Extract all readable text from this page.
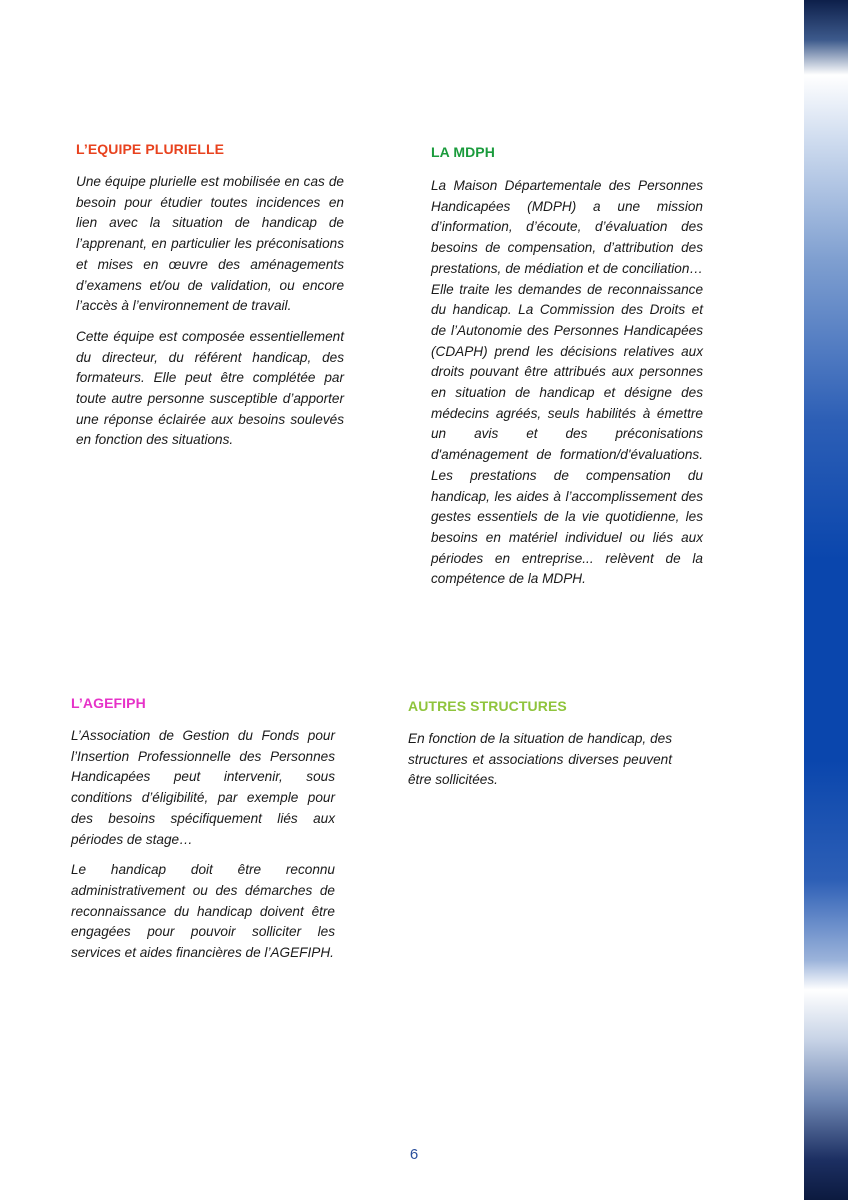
L’EQUIPE PLURIELLE

Une équipe plurielle est mobilisée en cas de besoin pour étudier toutes incidences en lien avec la situation de handicap de l’apprenant, en particulier les préconisations et mises en œuvre des aménagements d’examens et/ou de validation, ou encore l’accès à l’environnement de travail.

Cette équipe est composée essentiellement du directeur, du référent handicap, des formateurs. Elle peut être complétée par toute autre personne susceptible d’apporter une réponse éclairée aux besoins soulevés en fonction des situations.

LA MDPH

La Maison Départementale des Personnes Handicapées (MDPH) a une mission d’information, d’écoute, d’évaluation des besoins de compensation, d’attribution des prestations, de médiation et de conciliation… Elle traite les demandes de reconnaissance du handicap. La Commission des Droits et de l’Autonomie des Personnes Handicapées (CDAPH) prend les décisions relatives aux droits pouvant être attribués aux personnes en situation de handicap et désigne des médecins agréés, seuls habilités à émettre un avis et des préconisations d'aménagement de formation/d'évaluations. Les prestations de compensation du handicap, les aides à l’accomplissement des gestes essentiels de la vie quotidienne, les besoins en matériel individuel ou liés aux périodes en entreprise... relèvent de la compétence de la MDPH.

L’AGEFIPH

L’Association de Gestion du Fonds pour l’Insertion Professionnelle des Personnes Handicapées peut intervenir, sous conditions d’éligibilité, par exemple pour des besoins spécifiquement liés aux périodes de stage…

Le handicap doit être reconnu administrativement ou des démarches de reconnaissance du handicap doivent être engagées pour pouvoir solliciter les services et aides financières de l’AGEFIPH.

AUTRES STRUCTURES

En fonction de la situation de handicap, des structures et associations diverses peuvent être sollicitées.

6
